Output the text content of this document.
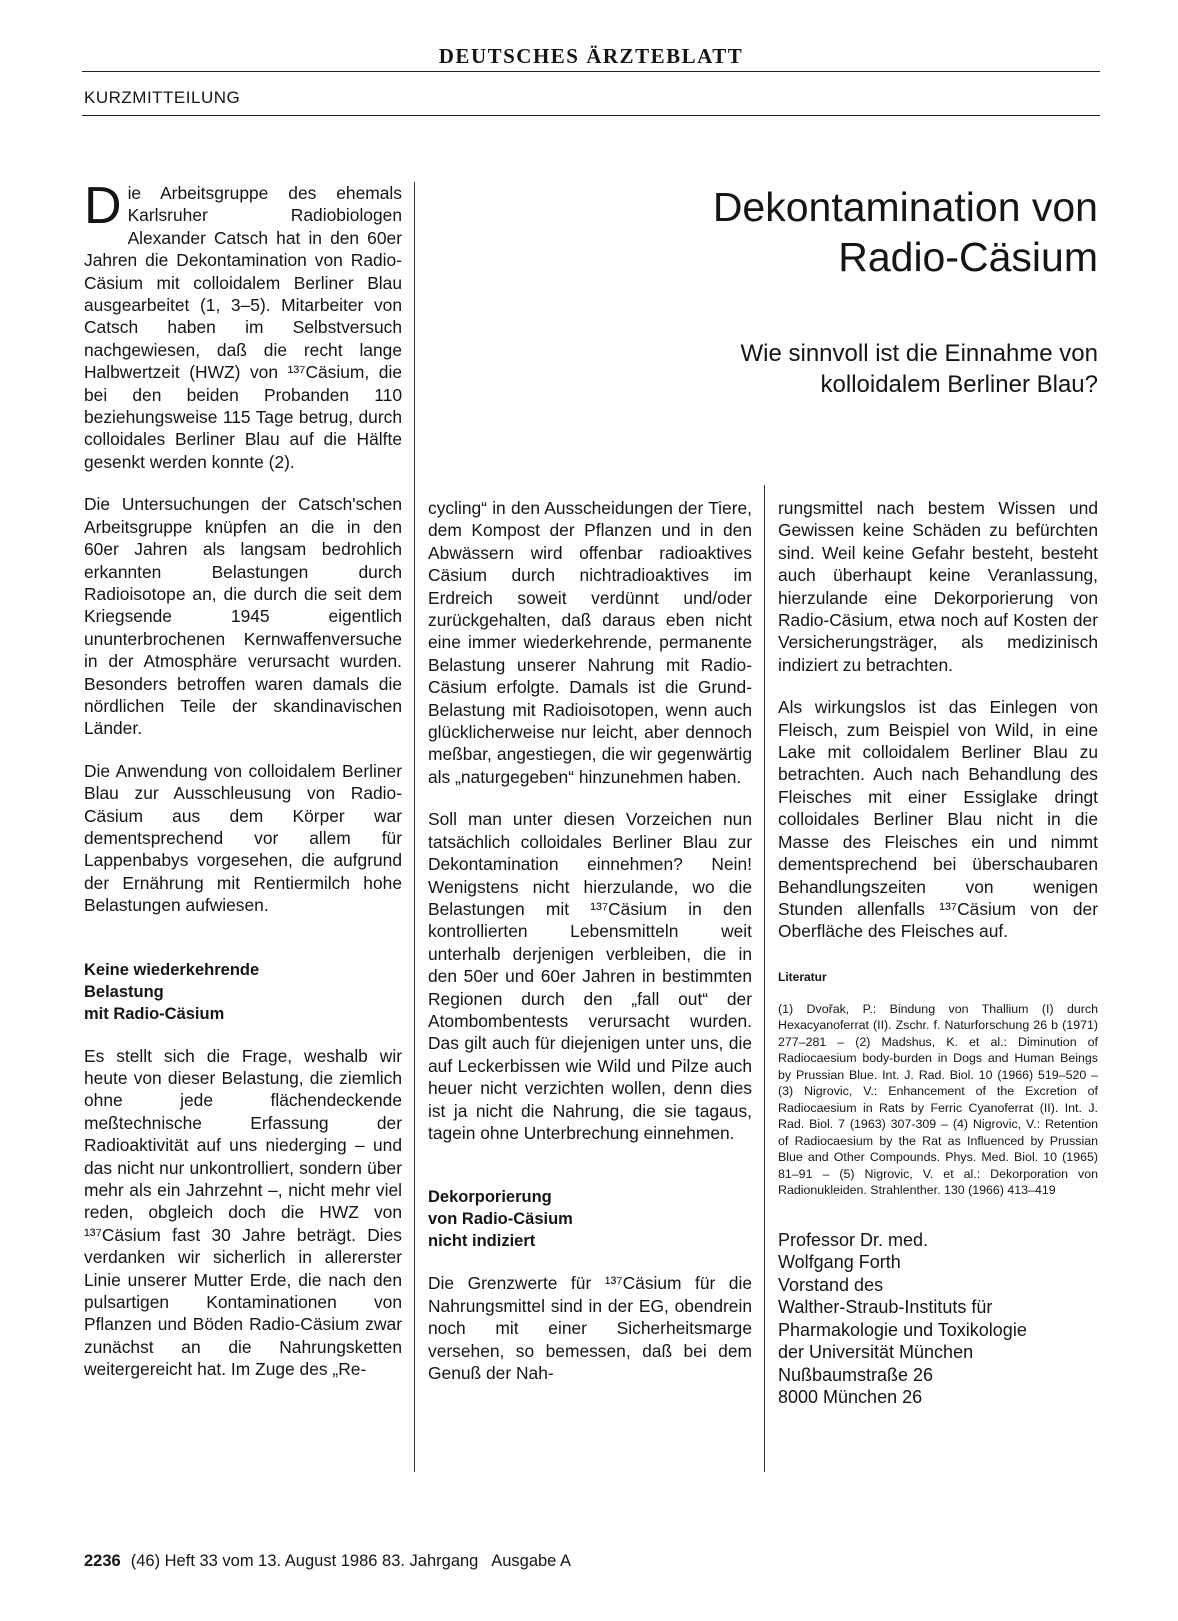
DEUTSCHES ÄRZTEBLATT
KURZMITTEILUNG
Dekontamination von
Radio-Cäsium
Wie sinnvoll ist die Einnahme von
kolloidalem Berliner Blau?

Die Arbeitsgruppe des ehemals Karlsruher Radiobiologen Alexander Catsch hat in den 60er Jahren die Dekontamination von Radio-Cäsium mit colloidalem Berliner Blau ausgearbeitet (1, 3–5). Mitarbeiter von Catsch haben im Selbstversuch nachgewiesen, daß die recht lange Halbwertzeit (HWZ) von ¹³⁷Cäsium, die bei den beiden Probanden 110 beziehungsweise 115 Tage betrug, durch colloidales Berliner Blau auf die Hälfte gesenkt werden konnte (2).

Die Untersuchungen der Catsch'schen Arbeitsgruppe knüpfen an die in den 60er Jahren als langsam bedrohlich erkannten Belastungen durch Radioisotope an, die durch die seit dem Kriegsende 1945 eigentlich ununterbrochenen Kernwaffenversuche in der Atmosphäre verursacht wurden. Besonders betroffen waren damals die nördlichen Teile der skandinavischen Länder.

Die Anwendung von colloidalem Berliner Blau zur Ausschleusung von Radio-Cäsium aus dem Körper war dementsprechend vor allem für Lappenbabys vorgesehen, die aufgrund der Ernährung mit Rentiermilch hohe Belastungen aufwiesen.

Keine wiederkehrende
Belastung
mit Radio-Cäsium

Es stellt sich die Frage, weshalb wir heute von dieser Belastung, die ziemlich ohne jede flächendeckende meßtechnische Erfassung der Radioaktivität auf uns niederging – und das nicht nur unkontrolliert, sondern über mehr als ein Jahrzehnt –, nicht mehr viel reden, obgleich doch die HWZ von ¹³⁷Cäsium fast 30 Jahre beträgt. Dies verdanken wir sicherlich in allererster Linie unserer Mutter Erde, die nach den pulsartigen Kontaminationen von Pflanzen und Böden Radio-Cäsium zwar zunächst an die Nahrungsketten weitergereicht hat. Im Zuge des „Re-

cycling“ in den Ausscheidungen der Tiere, dem Kompost der Pflanzen und in den Abwässern wird offenbar radioaktives Cäsium durch nichtradioaktives im Erdreich soweit verdünnt und/oder zurückgehalten, daß daraus eben nicht eine immer wiederkehrende, permanente Belastung unserer Nahrung mit Radio-Cäsium erfolgte. Damals ist die Grund-Belastung mit Radioisotopen, wenn auch glücklicherweise nur leicht, aber dennoch meßbar, angestiegen, die wir gegenwärtig als „naturgegeben“ hinzunehmen haben.

Soll man unter diesen Vorzeichen nun tatsächlich colloidales Berliner Blau zur Dekontamination einnehmen? Nein! Wenigstens nicht hierzulande, wo die Belastungen mit ¹³⁷Cäsium in den kontrollierten Lebensmitteln weit unterhalb derjenigen verbleiben, die in den 50er und 60er Jahren in bestimmten Regionen durch den „fall out“ der Atombombentests verursacht wurden. Das gilt auch für diejenigen unter uns, die auf Leckerbissen wie Wild und Pilze auch heuer nicht verzichten wollen, denn dies ist ja nicht die Nahrung, die sie tagaus, tagein ohne Unterbrechung einnehmen.

Dekorporierung
von Radio-Cäsium
nicht indiziert

Die Grenzwerte für ¹³⁷Cäsium für die Nahrungsmittel sind in der EG, obendrein noch mit einer Sicherheitsmarge versehen, so bemessen, daß bei dem Genuß der Nah-

rungsmittel nach bestem Wissen und Gewissen keine Schäden zu befürchten sind. Weil keine Gefahr besteht, besteht auch überhaupt keine Veranlassung, hierzulande eine Dekorporierung von Radio-Cäsium, etwa noch auf Kosten der Versicherungsträger, als medizinisch indiziert zu betrachten.

Als wirkungslos ist das Einlegen von Fleisch, zum Beispiel von Wild, in eine Lake mit colloidalem Berliner Blau zu betrachten. Auch nach Behandlung des Fleisches mit einer Essiglake dringt colloidales Berliner Blau nicht in die Masse des Fleisches ein und nimmt dementsprechend bei überschaubaren Behandlungszeiten von wenigen Stunden allenfalls ¹³⁷Cäsium von der Oberfläche des Fleisches auf.

Literatur
(1) Dvořak, P.: Bindung von Thallium (I) durch Hexacyanoferrat (II). Zschr. f. Naturforschung 26 b (1971) 277–281 – (2) Madshus, K. et al.: Diminution of Radiocaesium body-burden in Dogs and Human Beings by Prussian Blue. Int. J. Rad. Biol. 10 (1966) 519–520 – (3) Nigrovic, V.: Enhancement of the Excretion of Radiocaesium in Rats by Ferric Cyanoferrat (II). Int. J. Rad. Biol. 7 (1963) 307-309 – (4) Nigrovic, V.: Retention of Radiocaesium by the Rat as Influenced by Prussian Blue and Other Compounds. Phys. Med. Biol. 10 (1965) 81–91 – (5) Nigrovic, V. et al.: Dekorporation von Radionukleiden. Strahlenther. 130 (1966) 413–419
Professor Dr. med.
Wolfgang Forth
Vorstand des
Walther-Straub-Instituts für
Pharmakologie und Toxikologie
der Universität München
Nußbaumstraße 26
8000 München 26
2236 (46) Heft 33 vom 13. August 1986 83. Jahrgang   Ausgabe A
